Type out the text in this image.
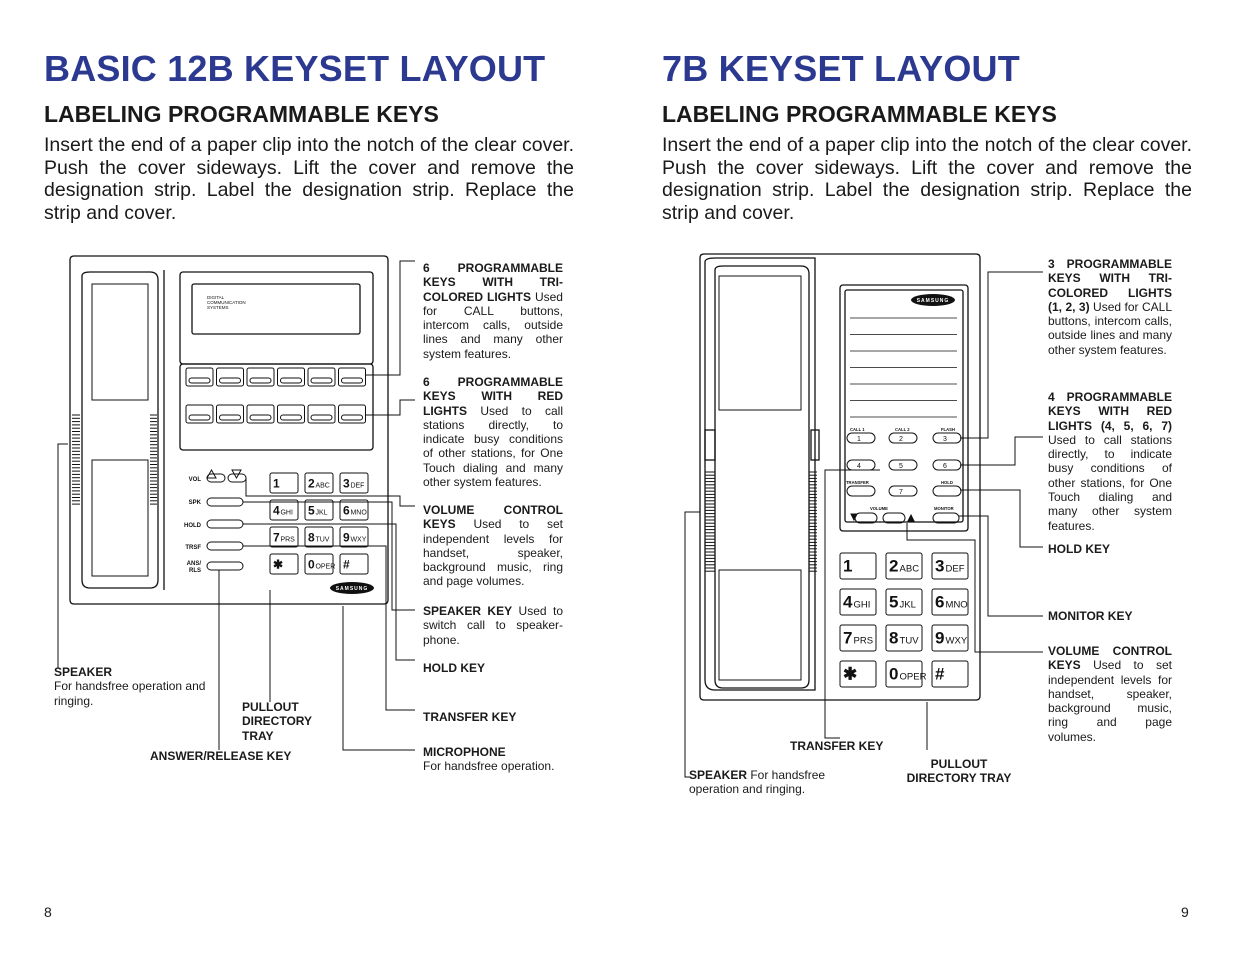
BASIC 12B KEYSET LAYOUT
LABELING PROGRAMMABLE KEYS

Insert the end of a paper clip into the notch of the clear cover. Push the cover sideways. Lift the cover and remove the designation strip. Label the designation strip. Replace the strip and cover.

DIGITAL
COMMUNICATION
SYSTEMS
VOL
SPK
HOLD
TRSF
ANS/
RLS
1 2 ABC 3 DEF
4 GHI 5 JKL 6 MNO
7 PRS 8 TUV 9 WXY
✱ 0 OPER #
SAMSUNG
6 PROGRAMMABLE KEYS WITH TRI-COLORED LIGHTS Used for CALL buttons, intercom calls, outside lines and many other system features.
6 PROGRAMMABLE KEYS WITH RED LIGHTS Used to call stations directly, to indicate busy conditions of other stations, for One Touch dialing and many other system features.
VOLUME CONTROL KEYS Used to set independent levels for handset, speaker, background music, ring and page volumes.
SPEAKER KEY Used to switch call to speaker-phone.
HOLD KEY
TRANSFER KEY
MICROPHONE
For handsfree operation.
SPEAKER
For handsfree operation and ringing.	PULLOUT DIRECTORY TRAY
ANSWER/RELEASE KEY
8
7B KEYSET LAYOUT
LABELING PROGRAMMABLE KEYS

Insert the end of a paper clip into the notch of the clear cover. Push the cover sideways. Lift the cover and remove the designation strip. Label the designation strip. Replace the strip and cover.

SAMSUNG
CALL 1	CALL 2	FLASH
TRANSFER	HOLD
VOLUME	MONITOR
1	2	3
4	5	6
7
1 2 ABC 3 DEF
4 GHI 5 JKL 6 MNO
7 PRS 8 TUV 9 WXY
✱ 0 OPER #
3 PROGRAMMABLE KEYS WITH TRI-COLORED LIGHTS (1, 2, 3) Used for CALL buttons, intercom calls, outside lines and many other system features.
4 PROGRAMMABLE KEYS WITH RED LIGHTS (4, 5, 6, 7) Used to call stations directly, to indicate busy conditions of other stations, for One Touch dialing and many other system features.
HOLD KEY
MONITOR KEY
VOLUME CONTROL KEYS Used to set independent levels for handset, speaker, background music, ring and page volumes.
TRANSFER KEY
PULLOUT DIRECTORY TRAY
SPEAKER For handsfree operation and ringing.
9
